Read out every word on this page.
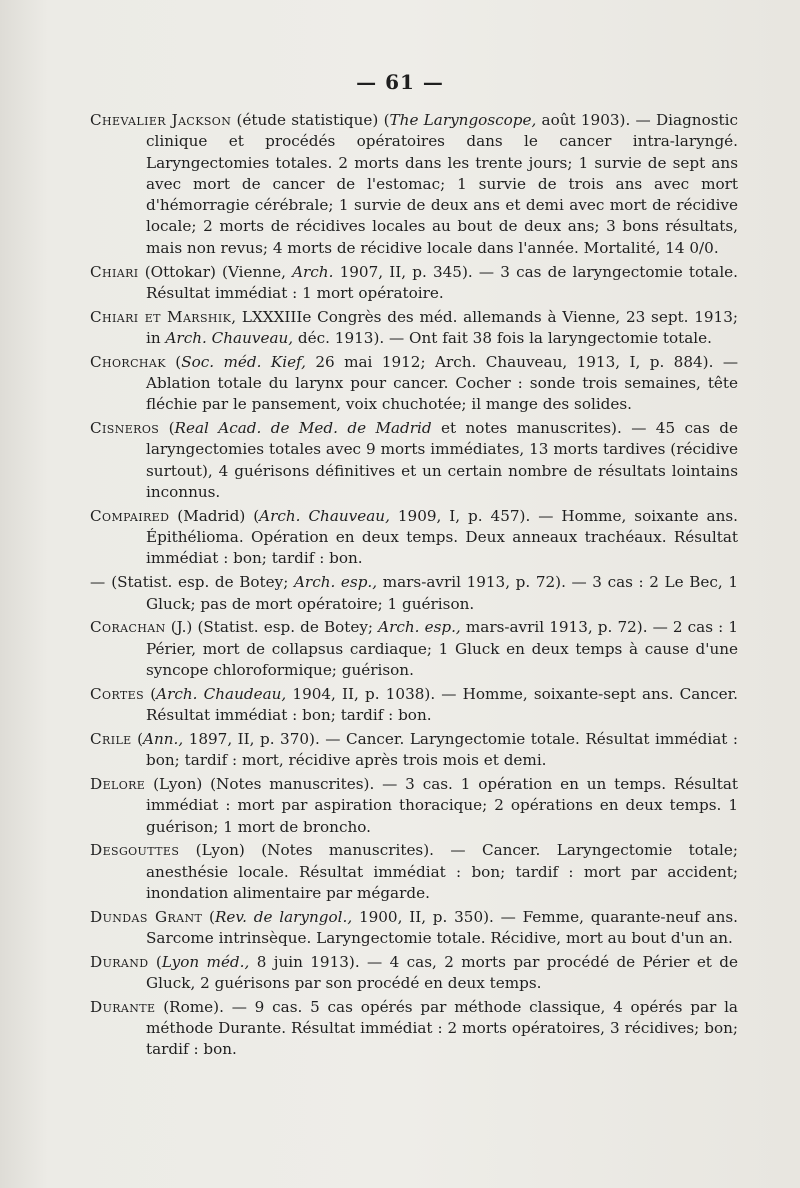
— 61 —

Chevalier Jackson (étude statistique) (The Laryngoscope, août 1903). — Diagnostic clinique et procédés opératoires dans le cancer intra-laryngé. Laryngectomies totales. 2 morts dans les trente jours; 1 survie de sept ans avec mort de cancer de l'estomac; 1 survie de trois ans avec mort d'hémorragie cérébrale; 1 survie de deux ans et demi avec mort de récidive locale; 2 morts de récidives locales au bout de deux ans; 3 bons résultats, mais non revus; 4 morts de récidive locale dans l'année. Mortalité, 14 0/0.

Chiari (Ottokar) (Vienne, Arch. 1907, II, p. 345). — 3 cas de laryngectomie totale. Résultat immédiat : 1 mort opératoire.

Chiari et Marshik, LXXXIIIe Congrès des méd. allemands à Vienne, 23 sept. 1913; in Arch. Chauveau, déc. 1913). — Ont fait 38 fois la laryngectomie totale.

Chorchak (Soc. méd. Kief, 26 mai 1912; Arch. Chauveau, 1913, I, p. 884). — Ablation totale du larynx pour cancer. Cocher : sonde trois semaines, tête fléchie par le pansement, voix chuchotée; il mange des solides.

Cisneros (Real Acad. de Med. de Madrid et notes manuscrites). — 45 cas de laryngectomies totales avec 9 morts immédiates, 13 morts tardives (récidive surtout), 4 guérisons définitives et un certain nombre de résultats lointains inconnus.

Compaired (Madrid) (Arch. Chauveau, 1909, I, p. 457). — Homme, soixante ans. Épithélioma. Opération en deux temps. Deux anneaux trachéaux. Résultat immédiat : bon; tardif : bon.

— (Statist. esp. de Botey; Arch. esp., mars-avril 1913, p. 72). — 3 cas : 2 Le Bec, 1 Gluck; pas de mort opératoire; 1 guérison.

Corachan (J.) (Statist. esp. de Botey; Arch. esp., mars-avril 1913, p. 72). — 2 cas : 1 Périer, mort de collapsus cardiaque; 1 Gluck en deux temps à cause d'une syncope chloroformique; guérison.

Cortes (Arch. Chaudeau, 1904, II, p. 1038). — Homme, soixante-sept ans. Cancer. Résultat immédiat : bon; tardif : bon.

Crile (Ann., 1897, II, p. 370). — Cancer. Laryngectomie totale. Résultat immédiat : bon; tardif : mort, récidive après trois mois et demi.

Delore (Lyon) (Notes manuscrites). — 3 cas. 1 opération en un temps. Résultat immédiat : mort par aspiration thoracique; 2 opérations en deux temps. 1 guérison; 1 mort de broncho.

Desgouttes (Lyon) (Notes manuscrites). — Cancer. Laryngectomie totale; anesthésie locale. Résultat immédiat : bon; tardif : mort par accident; inondation alimentaire par mégarde.

Dundas Grant (Rev. de laryngol., 1900, II, p. 350). — Femme, quarante-neuf ans. Sarcome intrinsèque. Laryngectomie totale. Récidive, mort au bout d'un an.

Durand (Lyon méd., 8 juin 1913). — 4 cas, 2 morts par procédé de Périer et de Gluck, 2 guérisons par son procédé en deux temps.

Durante (Rome). — 9 cas. 5 cas opérés par méthode classique, 4 opérés par la méthode Durante. Résultat immédiat : 2 morts opératoires, 3 récidives; bon; tardif : bon.
